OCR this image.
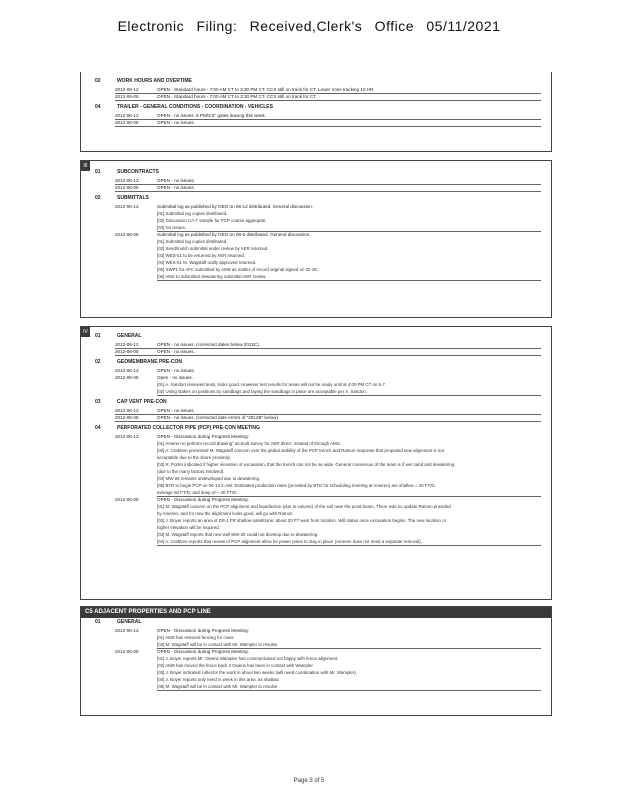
Electronic Filing: Received,Clerk's Office 05/11/2021
02	WORK HOURS AND OVERTIME
2012-06-12	OPEN - Standard hours - 7:00 AM CT to 3:30 PM CT. CCS still on track for CT. Lower zone tracking 10 HR.
2012-06-05	OPEN - Standard hours - 7:00 AM CT to 3:30 PM CT. CCS still on track for CT.
04	TRAILER - GENERAL CONDITIONS - COORDINATION - VEHICLES
2012-06-12	OPEN - no issues. 5 PM/3.5" gates leaving this week.
2012-06-05	OPEN - no issues.
III
01	SUBCONTRACTS
2012-06-12	OPEN - no issues.
2012-06-05	OPEN - no issues.
02	SUBMITTALS
2012-06-12	Submittal log as published by GEO on 06-12 distributed. General discussion.
[01] Submittal log copies distributed.
[02] Discussion CA-7 sample for PCP coarse aggregate.
[03] No issues.
2012-06-05	Submittal log as published by GEO on 06-5 distributed. General discussion.
[01] Submittal log copies distributed.
[02] Send/mulch submittal under review by AER returned.
[03] WES-01 to be returned by AER returned.
[04] WES-01 M. Wagstaff orally approved returned.
[05] SWP1 for AFC submitted by AMS as matter of record original signed on 02-28.
[06] AMS to submitted dewatering submittal AER review.
IV
01	GENERAL
2012-06-12	OPEN - no issues. (corrected dates below 2012C).
2012-06-05	OPEN - no issues.
02	GEOMEMBRANE PRE-CON
2012-06-12	OPEN - no issues.
2012-06-05	Open - no issues.
[01] A. Sandon reviewed tests, looks good. However test results for areas will not be ready until at 4:00 PM CT on 5-7.
[02] Using stakes on positions by sandbags and laying the sandbags in place are acceptable per A. Sandon.
03	CAP VENT PRE-CON
2012-06-12	OPEN - no issues.
2012-06-05	OPEN - no issues. (corrected date errors of "2012B" below)
04	PERFORATED COLLECTOR PIPE (PCP) PRE-CON MEETING
2012-06-12	OPEN - Discussion during Progress Meeting:
[01] Ameren to perform record drawing" as-built survey for AER direct, instead of through AMS.
[02] A. Crabtree presented M. Wagstaff concern over the global stability of the PCP trench and Ramon response that proposed new alignment is not
acceptable due to the shore proximity.
[03] R. Porter indicated if higher elevation of excavation, that the trench can not be as wide. General consensus of the team is if wet sand and dewatering
(due to the many factors involved).
[04] MW-25 remains undeveloped due to dewatering.
[05] BTD to begin PCP on 06-13 in AM. Estimated production rates (provided by BTD for scheduling meeting at Ameren) are shallow = 40 FT/D,
average 60 FT/D, and deep of ~ 40 FT/D.
2012-06-05	OPEN - Discussion during Progress Meeting:
[01] M. Wagstaff concern on the PCP alignment and liquefaction (due to volume) of the soil near the pond beam. There was no update Ramon provided
by Ameren, and for now the alignment looks good, will go with Ramon.
[02] J. Boyer reports an area of DS-1 FR shallow sandstone; about 20 FT west from location. Will status once excavation begins. The new location or
higher elevation will be required.
[03] M. Wagstaff reports that new well MW-25 could not develop due to dewatering.
[04] A. Crabtree reports that review of PCP alignment allow for power poles to stay in place (Ameren does not need a separate removal).
C5 ADJACENT PROPERTIES AND PCP LINE
01	GENERAL
2012-06-12	OPEN - Discussion during Progress Meeting:
[01] AMS has restored fencing for cows.
[02] M. Wagstaff will be in contact with Mr. Wampler to resolve.
2012-06-05	OPEN - Discussion during Progress Meeting:
[01] J. Boyer reports Mr. Owens Wampler has communicated not happy with fence alignment.
[02] AMS has moved the fence back 3 Owens has been in contact with Wampler.
[03] J. Boyer indicated collector the work in about two weeks (will need coordination with Mr. Wampler).
[04] J. Boyer reports only need in week in this area, as shallow.
[05] M. Wagstaff will be in contact with Mr. Wampler to resolve.
Page 3 of 5
